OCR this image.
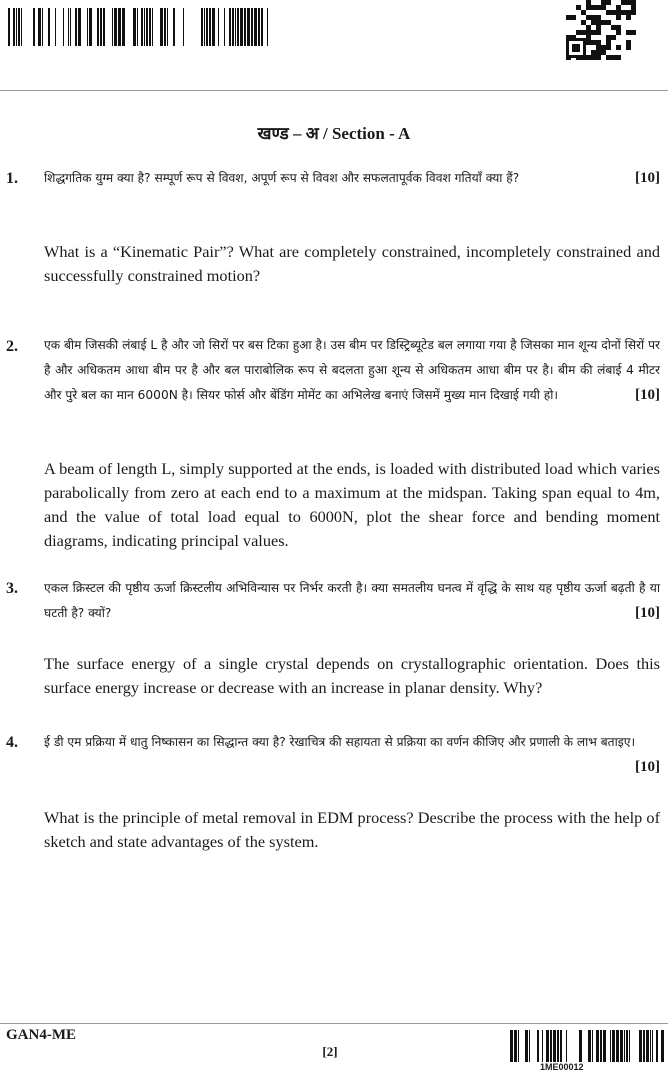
खण्ड – अ / Section - A
1. शिद्धगतिक युग्म क्या है? सम्पूर्ण रूप से विवश, अपूर्ण रूप से विवश और सफलतापूर्वक विवश गतियाँ क्या हैं?	[10]
What is a “Kinematic Pair”? What are completely constrained, incompletely constrained and successfully constrained motion?
2. एक बीम जिसकी लंबाई L है और जो सिरों पर बस टिका हुआ है। उस बीम पर डिस्ट्रिब्यूटेड बल लगाया गया है जिसका मान शून्य दोनों सिरों पर है और अधिकतम आधा बीम पर है और बल पाराबोलिक रूप से बदलता हुआ शून्य से अधिकतम आधा बीम पर है। बीम की लंबाई 4 मीटर और पुरे बल का मान 6000N है। सियर फोर्स और बेंडिंग मोमेंट का अभिलेख बनाएं जिसमें मुख्य मान दिखाई गयी हो।	[10]
A beam of length L, simply supported at the ends, is loaded with distributed load which varies parabolically from zero at each end to a maximum at the midspan. Taking span equal to 4m, and the value of total load equal to 6000N, plot the shear force and bending moment diagrams, indicating principal values.
3. एकल क्रिस्टल की पृष्ठीय ऊर्जा क्रिस्टलीय अभिविन्यास पर निर्भर करती है। क्या समतलीय घनत्व में वृद्धि के साथ यह पृष्ठीय ऊर्जा बढ़ती है या घटती है? क्यों?	[10]
The surface energy of a single crystal depends on crystallographic orientation. Does this surface energy increase or decrease with an increase in planar density. Why?
4. ई डी एम प्रक्रिया में धातु निष्कासन का सिद्धान्त क्या है? रेखाचित्र की सहायता से प्रक्रिया का वर्णन कीजिए और प्रणाली के लाभ बताइए।
[10]
What is the principle of metal removal in EDM process? Describe the process with the help of sketch and state advantages of the system.
GAN4-ME
[2]
1ME00012
